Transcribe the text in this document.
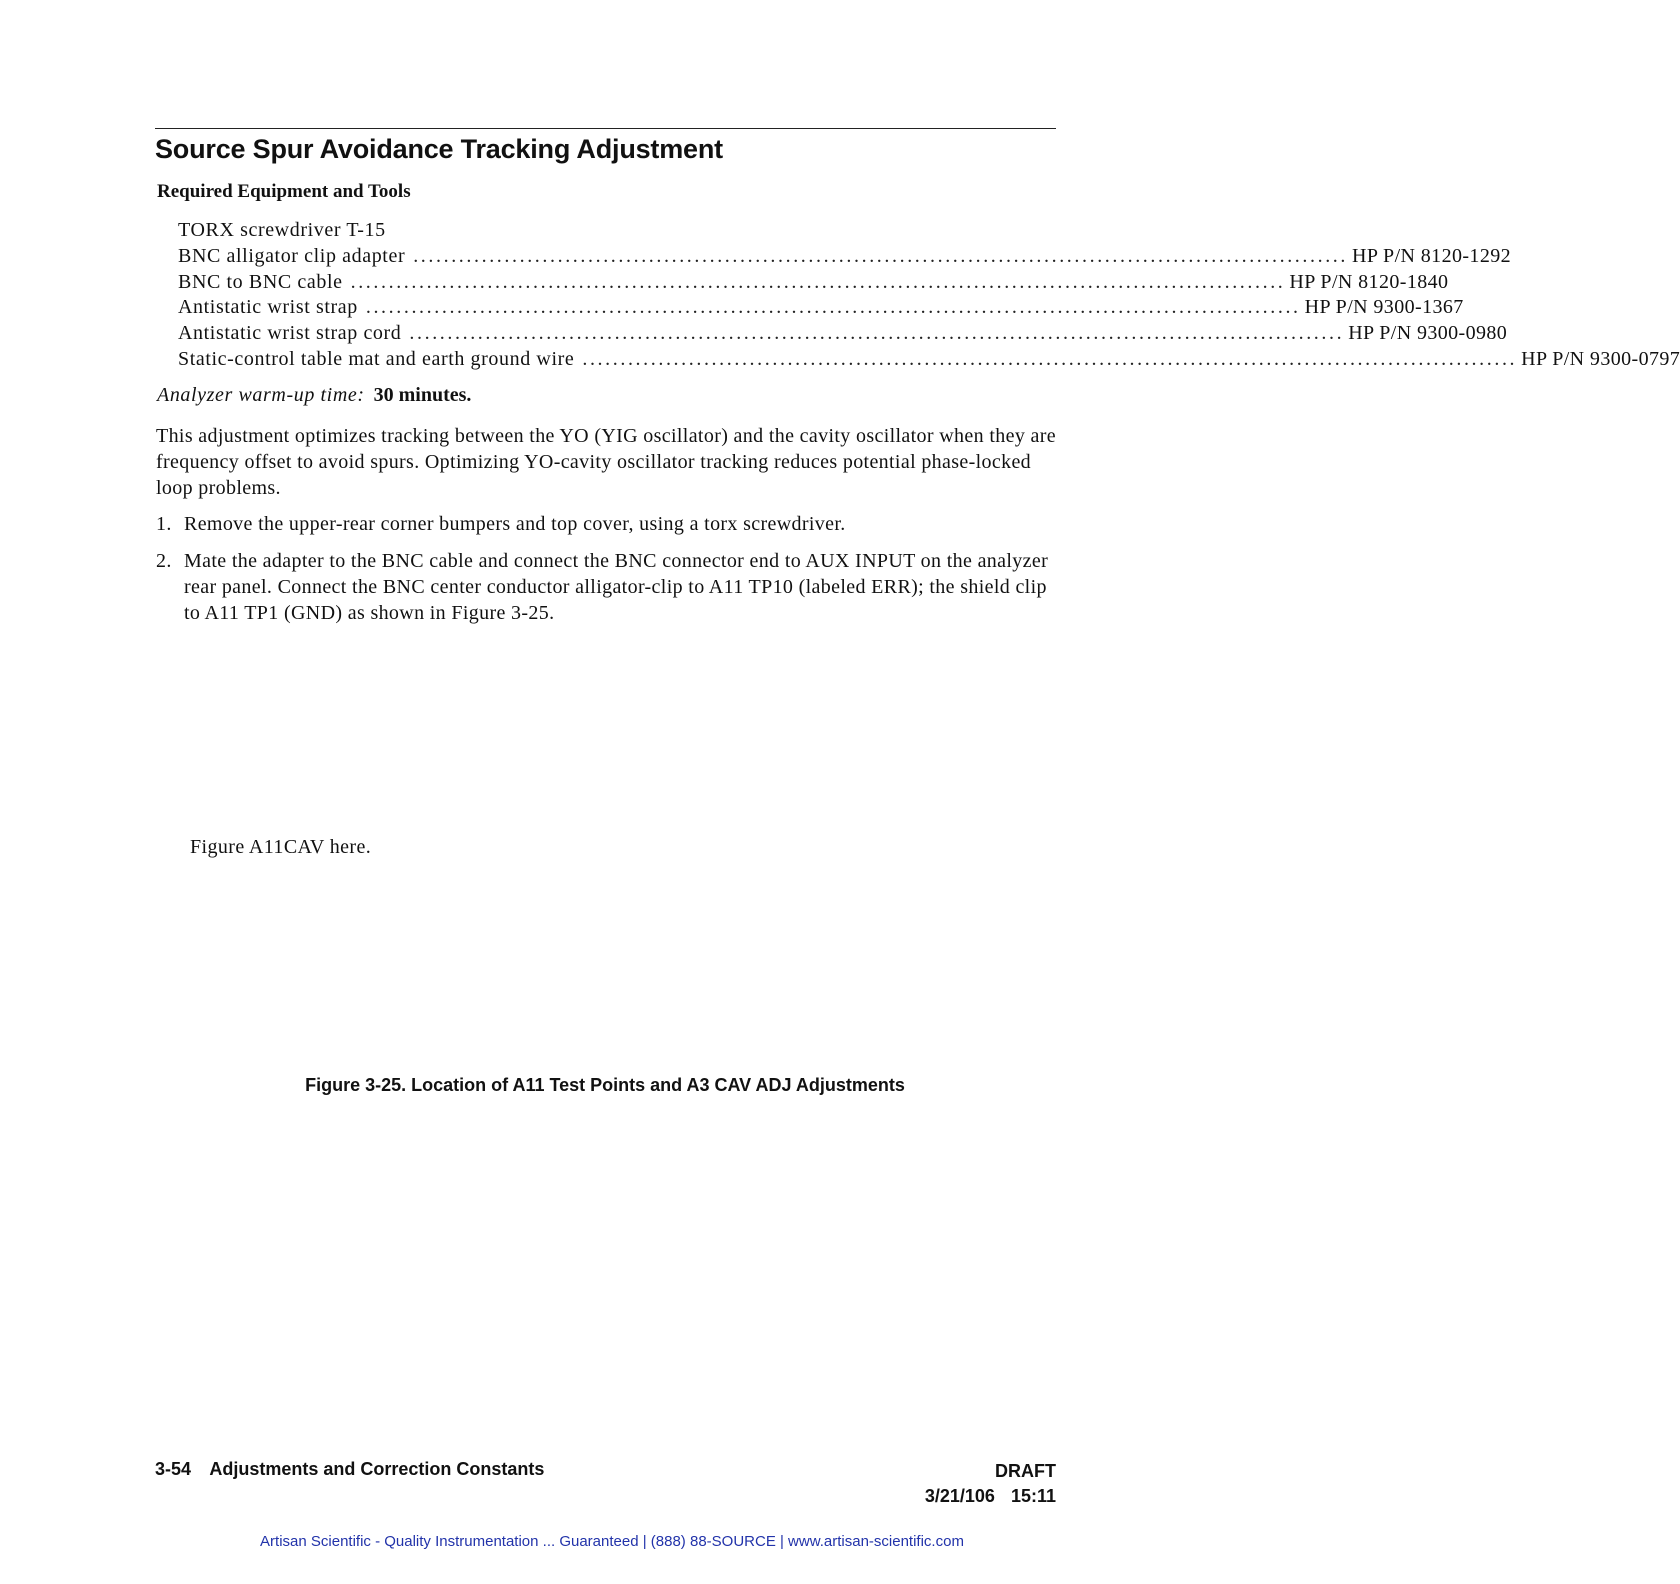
Source Spur Avoidance Tracking Adjustment
Required Equipment and Tools
TORX screwdriver T-15
BNC alligator clip adapter ........................................................................................................................... HP P/N 8120-1292
BNC to BNC cable ........................................................................................................................... HP P/N 8120-1840
Antistatic wrist strap ........................................................................................................................... HP P/N 9300-1367
Antistatic wrist strap cord ........................................................................................................................... HP P/N 9300-0980
Static-control table mat and earth ground wire ........................................................................................................................... HP P/N 9300-0797

Analyzer warm-up time: 30 minutes.

This adjustment optimizes tracking between the YO (YIG oscillator) and the cavity oscillator when they are frequency offset to avoid spurs. Optimizing YO-cavity oscillator tracking reduces potential phase-locked loop problems.

1. Remove the upper-rear corner bumpers and top cover, using a torx screwdriver.
2. Mate the adapter to the BNC cable and connect the BNC connector end to AUX INPUT on the analyzer rear panel. Connect the BNC center conductor alligator-clip to A11 TP10 (labeled ERR); the shield clip to A11 TP1 (GND) as shown in Figure 3-25.

Figure A11CAV here.

Figure 3-25. Location of A11 Test Points and A3 CAV ADJ Adjustments

3-54 Adjustments and Correction Constants	DRAFT
3/21/106 15:11

Artisan Scientific - Quality Instrumentation ... Guaranteed | (888) 88-SOURCE | www.artisan-scientific.com
